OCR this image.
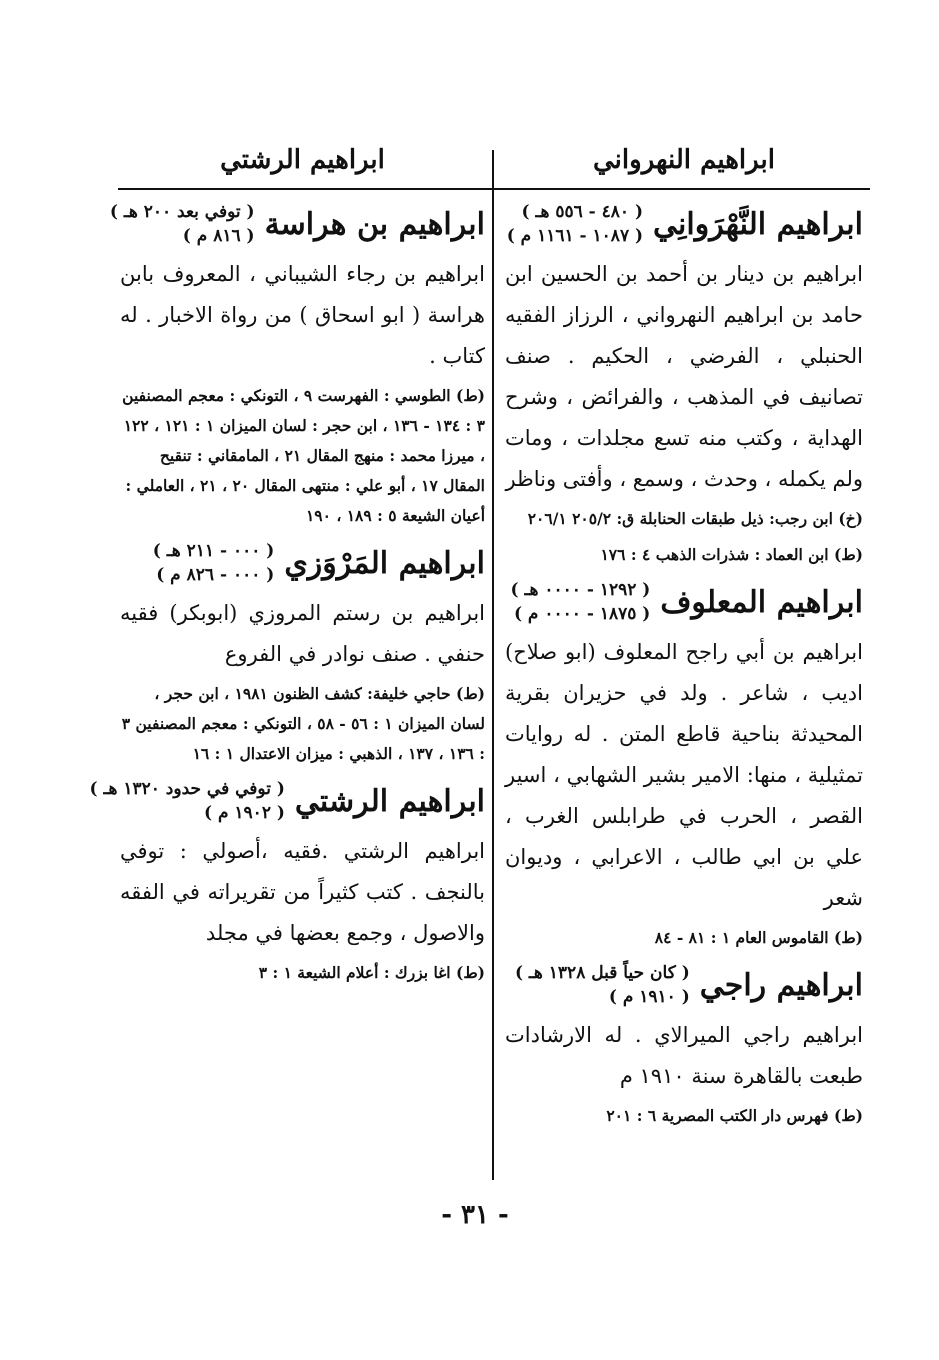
ابراهيم النهرواني
ابراهيم النَّهْرَوانِي
( ٤٨٠ - ٥٥٦ هـ )
( ١٠٨٧ - ١١٦١ م )
ابراهيم بن دينار بن أحمد بن الحسين ابن حامد بن ابراهيم النهرواني ، الرزاز الفقيه الحنبلي ، الفرضي ، الحكيم . صنف تصانيف في المذهب ، والفرائض ، وشرح الهداية ، وكتب منه تسع مجلدات ، ومات ولم يكمله ، وحدث ، وسمع ، وأفتى وناظر
(خ) ابن رجب: ذيل طبقات الحنابلة ق: ٢٠٥/٢ ٢٠٦/١
(ط) ابن العماد : شذرات الذهب ٤ : ١٧٦
ابراهيم المعلوف
( ١٢٩٢ - ٠٠٠٠ هـ )
( ١٨٧٥ - ٠٠٠٠ م )
ابراهيم بن أبي راجح المعلوف (ابو صلاح) اديب ، شاعر . ولد في حزيران بقرية المحيدثة بناحية قاطع المتن . له روايات تمثيلية ، منها: الامير بشير الشهابي ، اسير القصر ، الحرب في طرابلس الغرب ، علي بن ابي طالب ، الاعرابي ، وديوان شعر
(ط) القاموس العام ١ : ٨١ - ٨٤
ابراهيم راجي
( كان حياً قبل ١٣٢٨ هـ )
( ١٩١٠ م )
ابراهيم راجي الميرالاي . له الارشادات طبعت بالقاهرة سنة ١٩١٠ م
(ط) فهرس دار الكتب المصرية ٦ : ٢٠١
ابراهيم الرشتي
ابراهيم بن هراسة
( توفي بعد ٢٠٠ هـ )
( ٨١٦ م )
ابراهيم بن رجاء الشيباني ، المعروف بابن هراسة ( ابو اسحاق ) من رواة الاخبار . له كتاب .
(ط) الطوسي : الفهرست ٩ ، التونكي : معجم المصنفين ٣ : ١٣٤ - ١٣٦ ، ابن حجر : لسان الميزان ١ : ١٢١ ، ١٢٢ ، ميرزا محمد : منهج المقال ٢١ ، المامقاني : تنقيح المقال ١٧ ، أبو علي : منتهى المقال ٢٠ ، ٢١ ، العاملي : أعيان الشيعة ٥ : ١٨٩ ، ١٩٠
ابراهيم المَرْوَزي
( ٠٠٠ - ٢١١ هـ )
( ٠٠٠ - ٨٢٦ م )
ابراهيم بن رستم المروزي (ابوبكر) فقيه حنفي . صنف نوادر في الفروع
(ط) حاجي خليفة: كشف الظنون ١٩٨١ ، ابن حجر ، لسان الميزان ١ : ٥٦ - ٥٨ ، التونكي : معجم المصنفين ٣ : ١٣٦ ، ١٣٧ ، الذهبي : ميزان الاعتدال ١ : ١٦
ابراهيم الرشتي
( توفي في حدود ١٣٢٠ هـ )
( ١٩٠٢ م )
ابراهيم الرشتي .فقيه ،أصولي : توفي بالنجف . كتب كثيراً من تقريراته في الفقه والاصول ، وجمع بعضها في مجلد
(ط) اغا بزرك : أعلام الشيعة ١ : ٣
- ٣١ -
